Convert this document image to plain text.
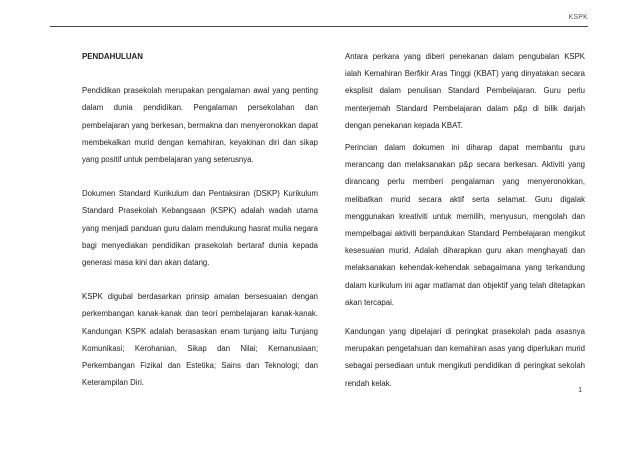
KSPK
PENDAHULUAN

Pendidikan prasekolah merupakan pengalaman awal yang penting dalam dunia pendidikan. Pengalaman persekolahan dan pembelajaran yang berkesan, bermakna dan menyeronokkan dapat membekalkan murid dengan kemahiran, keyakinan diri dan sikap yang positif untuk pembelajaran yang seterusnya.

Dokumen Standard Kurikulum dan Pentaksiran (DSKP) Kurikulum Standard Prasekolah Kebangsaan (KSPK) adalah wadah utama yang menjadi panduan guru dalam mendukung hasrat mulia negara bagi menyediakan pendidikan prasekolah bertaraf dunia kepada generasi masa kini dan akan datang.

KSPK digubal berdasarkan prinsip amalan bersesuaian dengan perkembangan kanak-kanak dan teori pembelajaran kanak-kanak. Kandungan KSPK adalah berasaskan enam tunjang iaitu Tunjang Komunikasi; Kerohanian, Sikap dan Nilai; Kemanusiaan; Perkembangan Fizikal dan Estetika; Sains dan Teknologi; dan Keterampilan Diri.

Antara perkara yang diberi penekanan dalam pengubalan KSPK ialah Kemahiran Berfikir Aras Tinggi (KBAT) yang dinyatakan secara eksplisit dalam penulisan Standard Pembelajaran. Guru perlu menterjemah Standard Pembelajaran dalam p&p di bilik darjah dengan penekanan kepada KBAT.

Perincian dalam dokumen ini diharap dapat membantu guru merancang dan melaksanakan p&p secara berkesan. Aktiviti yang dirancang perlu memberi pengalaman yang menyeronokkan, melibatkan murid secara aktif serta selamat. Guru digalak menggunakan kreativiti untuk memilih, menyusun, mengolah dan mempelbagai aktiviti berpandukan Standard Pembelajaran mengikut kesesuaian murid. Adalah diharapkan guru akan menghayati dan melaksanakan kehendak-kehendak sebagaimana yang terkandung dalam kurikulum ini agar matlamat dan objektif yang telah ditetapkan akan tercapai.

Kandungan yang dipelajari di peringkat prasekolah pada asasnya merupakan pengetahuan dan kemahiran asas yang diperlukan murid sebagai persediaan untuk mengikuti pendidikan di peringkat sekolah rendah kelak.

1
